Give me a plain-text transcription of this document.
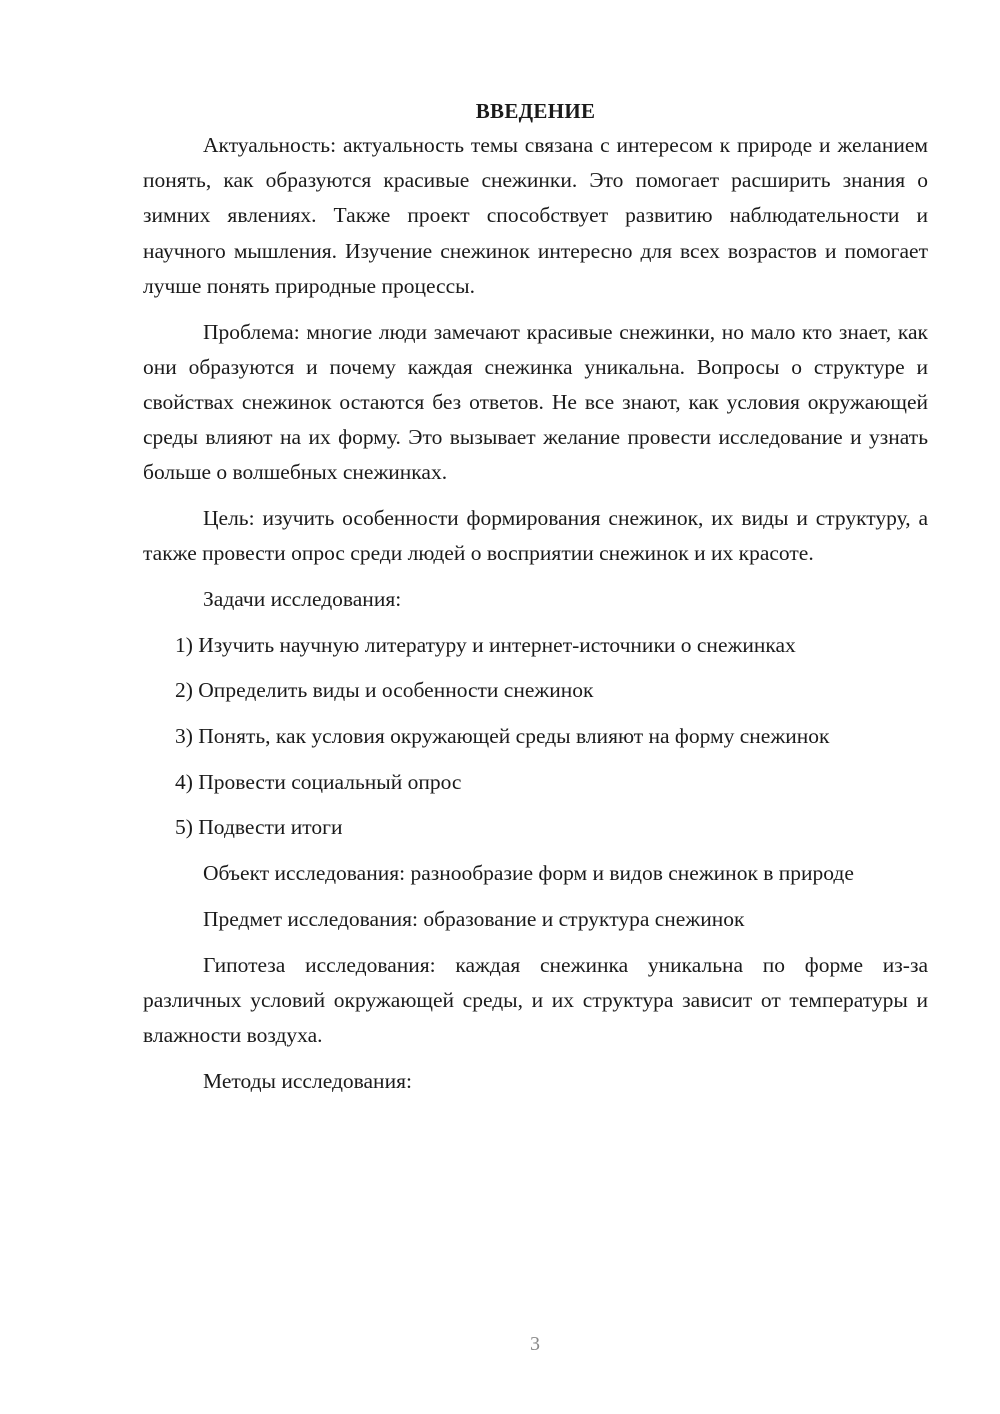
ВВЕДЕНИЕ

Актуальность: актуальность темы связана с интересом к природе и желанием понять, как образуются красивые снежинки. Это помогает расширить знания о зимних явлениях. Также проект способствует развитию наблюдательности и научного мышления. Изучение снежинок интересно для всех возрастов и помогает лучше понять природные процессы.

Проблема: многие люди замечают красивые снежинки, но мало кто знает, как они образуются и почему каждая снежинка уникальна. Вопросы о структуре и свойствах снежинок остаются без ответов. Не все знают, как условия окружающей среды влияют на их форму. Это вызывает желание провести исследование и узнать больше о волшебных снежинках.

Цель: изучить особенности формирования снежинок, их виды и структуру, а также провести опрос среди людей о восприятии снежинок и их красоте.

Задачи исследования:

1) Изучить научную литературу и интернет-источники о снежинках

2) Определить виды и особенности снежинок

3) Понять, как условия окружающей среды влияют на форму снежинок

4) Провести социальный опрос

5) Подвести итоги

Объект исследования: разнообразие форм и видов снежинок в природе

Предмет исследования: образование и структура снежинок

Гипотеза исследования: каждая снежинка уникальна по форме из-за различных условий окружающей среды, и их структура зависит от температуры и влажности воздуха.

Методы исследования:

3
